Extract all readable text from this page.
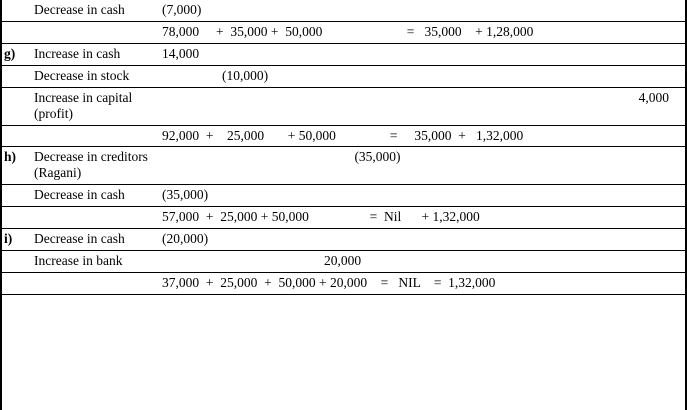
	Decrease in cash	(7,000)

		78,000     +  35,000 +  50,000                         =   35,000    + 1,28,000

g)	Increase in cash	14,000

	Decrease in stock	(10,000)
	Increase in capital (profit)	4,000

		92,000  +    25,000       + 50,000                =     35,000  +   1,32,000

h)	Decrease in creditors (Ragani)	(35,000)

	Decrease in cash	(35,000)

		57,000  +  25,000 + 50,000                  =  Nil      + 1,32,000

i)	Decrease in cash	(20,000)

	Increase in bank	20,000

		37,000  +  25,000  +  50,000 + 20,000    =   NIL    =  1,32,000
